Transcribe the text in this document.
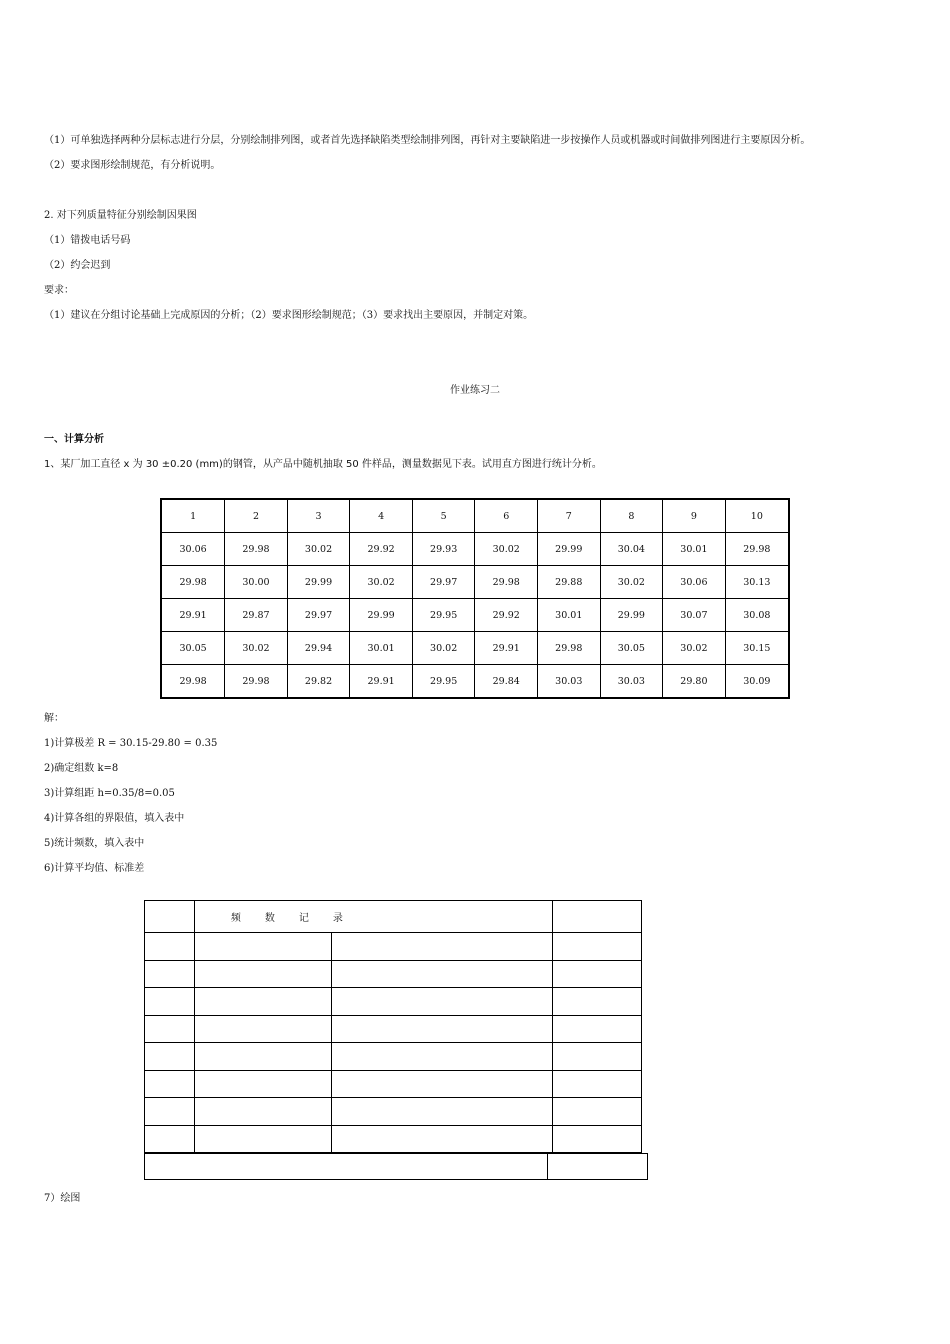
（1）可单独选择两种分层标志进行分层，分别绘制排列图，或者首先选择缺陷类型绘制排列图，再针对主要缺陷进一步按操作人员或机器或时间做排列图进行主要原因分析。
（2）要求图形绘制规范，有分析说明。
2. 对下列质量特征分别绘制因果图
（1）错拨电话号码
（2）约会迟到
要求：
（1）建议在分组讨论基础上完成原因的分析；（2）要求图形绘制规范；（3）要求找出主要原因，并制定对策。
作业练习二
一、计算分析
1、某厂加工直径 x 为 30 ±0.20 (mm)的钢管，从产品中随机抽取 50 件样品，测量数据见下表。试用直方图进行统计分析。
1	2	3	4	5	6	7	8	9	10
30.06	29.98	30.02	29.92	29.93	30.02	29.99	30.04	30.01	29.98
29.98	30.00	29.99	30.02	29.97	29.98	29.88	30.02	30.06	30.13
29.91	29.87	29.97	29.99	29.95	29.92	30.01	29.99	30.07	30.08
30.05	30.02	29.94	30.01	30.02	29.91	29.98	30.05	30.02	30.15
29.98	29.98	29.82	29.91	29.95	29.84	30.03	30.03	29.80	30.09
解：
1)计算极差 R = 30.15-29.80 = 0.35
2)确定组数 k=8
3)计算组距 h=0.35/8=0.05
4)计算各组的界限值，填入表中
5)统计频数，填入表中
6)计算平均值、标准差
	频数记录		

7）绘图
